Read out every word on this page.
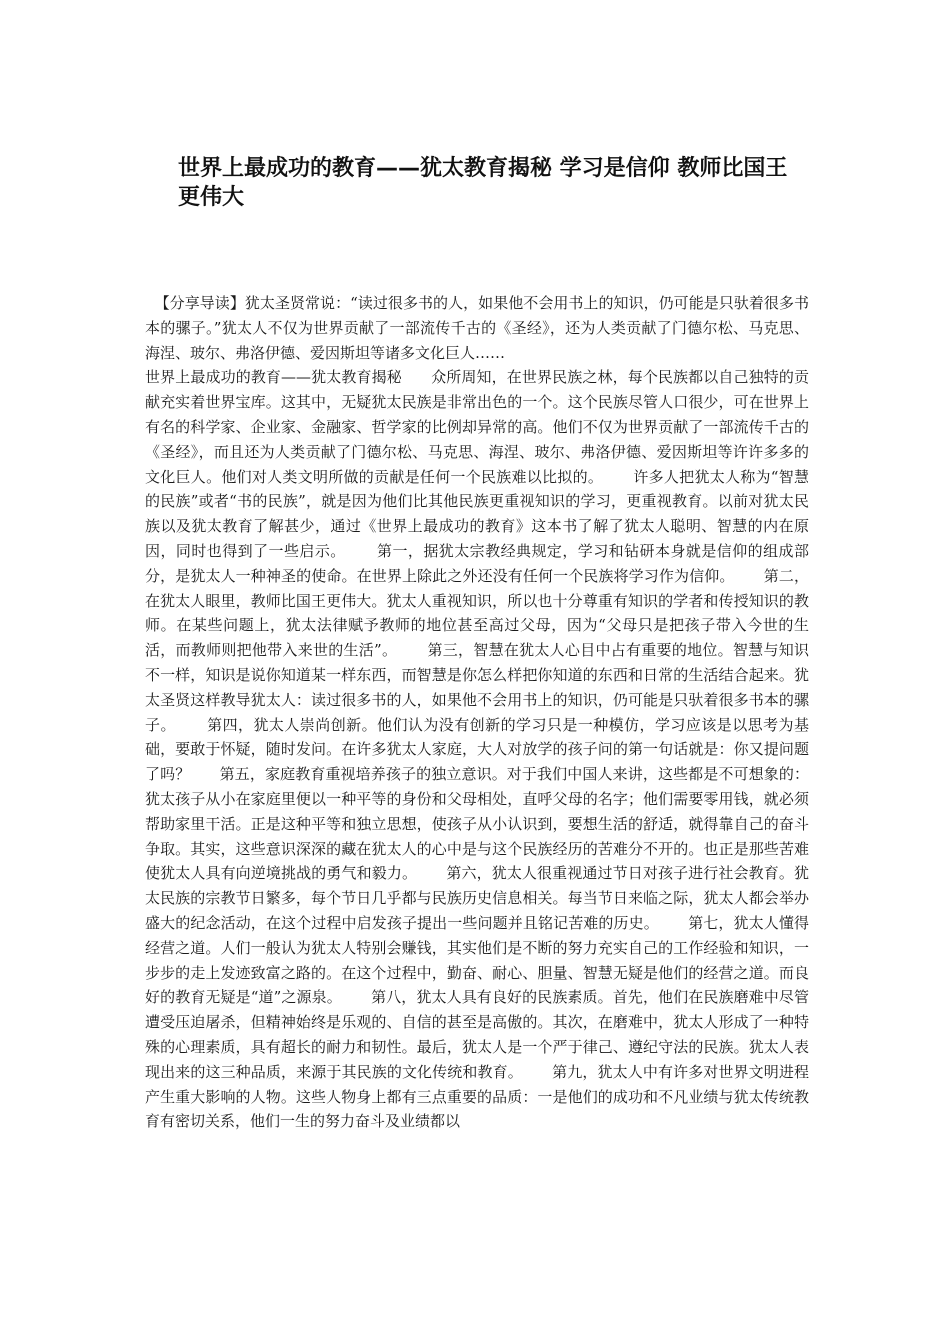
世界上最成功的教育——犹太教育揭秘 学习是信仰 教师比国王更伟大

【分享导读】犹太圣贤常说：“读过很多书的人，如果他不会用书上的知识，仍可能是只驮着很多书本的骡子。”犹太人不仅为世界贡献了一部流传千古的《圣经》，还为人类贡献了门德尔松、马克思、海涅、玻尔、弗洛伊德、爱因斯坦等诸多文化巨人……

世界上最成功的教育——犹太教育揭秘 众所周知，在世界民族之林，每个民族都以自己独特的贡献充实着世界宝库。这其中，无疑犹太民族是非常出色的一个。这个民族尽管人口很少，可在世界上有名的科学家、企业家、金融家、哲学家的比例却异常的高。他们不仅为世界贡献了一部流传千古的《圣经》，而且还为人类贡献了门德尔松、马克思、海涅、玻尔、弗洛伊德、爱因斯坦等许许多多的文化巨人。他们对人类文明所做的贡献是任何一个民族难以比拟的。 许多人把犹太人称为“智慧的民族”或者“书的民族”，就是因为他们比其他民族更重视知识的学习，更重视教育。以前对犹太民族以及犹太教育了解甚少，通过《世界上最成功的教育》这本书了解了犹太人聪明、智慧的内在原因，同时也得到了一些启示。 第一，据犹太宗教经典规定，学习和钻研本身就是信仰的组成部分，是犹太人一种神圣的使命。在世界上除此之外还没有任何一个民族将学习作为信仰。 第二，在犹太人眼里，教师比国王更伟大。犹太人重视知识，所以也十分尊重有知识的学者和传授知识的教师。在某些问题上，犹太法律赋予教师的地位甚至高过父母，因为“父母只是把孩子带入今世的生活，而教师则把他带入来世的生活”。 第三，智慧在犹太人心目中占有重要的地位。智慧与知识不一样，知识是说你知道某一样东西，而智慧是你怎么样把你知道的东西和日常的生活结合起来。犹太圣贤这样教导犹太人：读过很多书的人，如果他不会用书上的知识，仍可能是只驮着很多书本的骡子。 第四，犹太人崇尚创新。他们认为没有创新的学习只是一种模仿，学习应该是以思考为基础，要敢于怀疑，随时发问。在许多犹太人家庭，大人对放学的孩子问的第一句话就是：你又提问题了吗？ 第五，家庭教育重视培养孩子的独立意识。对于我们中国人来讲，这些都是不可想象的：犹太孩子从小在家庭里便以一种平等的身份和父母相处，直呼父母的名字；他们需要零用钱，就必须帮助家里干活。正是这种平等和独立思想，使孩子从小认识到，要想生活的舒适，就得靠自己的奋斗争取。其实，这些意识深深的藏在犹太人的心中是与这个民族经历的苦难分不开的。也正是那些苦难使犹太人具有向逆境挑战的勇气和毅力。 第六，犹太人很重视通过节日对孩子进行社会教育。犹太民族的宗教节日繁多，每个节日几乎都与民族历史信息相关。每当节日来临之际，犹太人都会举办盛大的纪念活动，在这个过程中启发孩子提出一些问题并且铭记苦难的历史。 第七，犹太人懂得经营之道。人们一般认为犹太人特别会赚钱，其实他们是不断的努力充实自己的工作经验和知识，一步步的走上发迹致富之路的。在这个过程中，勤奋、耐心、胆量、智慧无疑是他们的经营之道。而良好的教育无疑是“道”之源泉。 第八，犹太人具有良好的民族素质。首先，他们在民族磨难中尽管遭受压迫屠杀，但精神始终是乐观的、自信的甚至是高傲的。其次，在磨难中，犹太人形成了一种特殊的心理素质，具有超长的耐力和韧性。最后，犹太人是一个严于律己、遵纪守法的民族。犹太人表现出来的这三种品质，来源于其民族的文化传统和教育。 第九，犹太人中有许多对世界文明进程产生重大影响的人物。这些人物身上都有三点重要的品质：一是他们的成功和不凡业绩与犹太传统教育有密切关系，他们一生的努力奋斗及业绩都以
